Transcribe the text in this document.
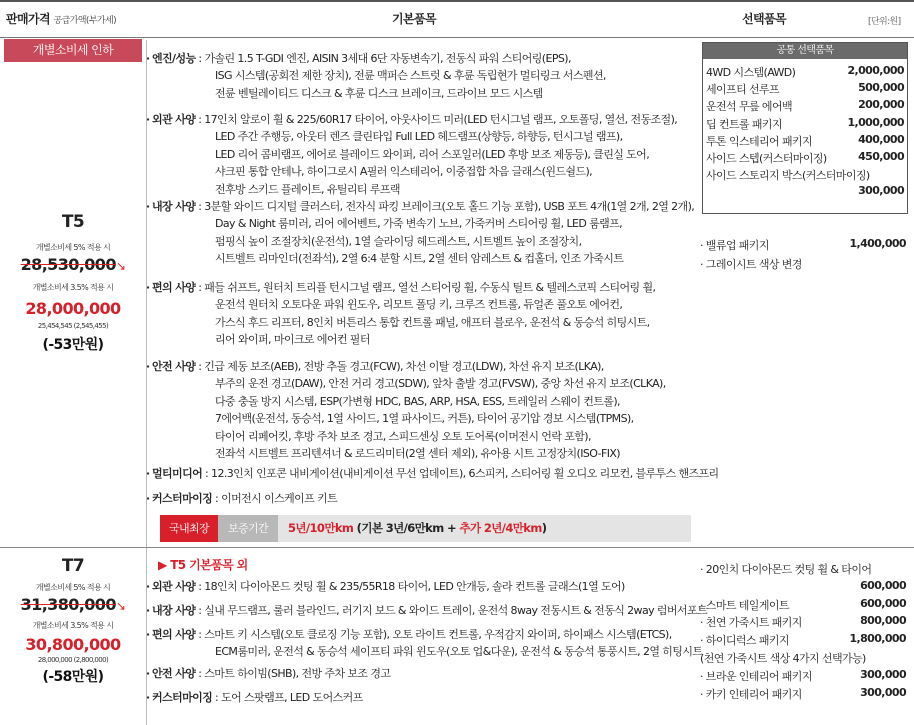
판매가격 공급가액(부가세)	기본품목	선택품목	[단위:원]
개별소비세 인하
T5
개별소비세 5% 적용 시
28,530,000↘
개별소비세 3.5% 적용 시
28,000,000
25,454,545 (2,545,455)
(-53만원)
· 엔진/성능 : 가솔린 1.5 T-GDI 엔진, AISIN 3세대 6단 자동변속기, 전동식 파워 스티어링(EPS),
ISG 시스템(공회전 제한 장치), 전륜 맥퍼슨 스트럿 & 후륜 독립현가 멀티링크 서스펜션,
전륜 벤틸레이티드 디스크 & 후륜 디스크 브레이크, 드라이브 모드 시스템
· 외관 사양 : 17인치 알로이 휠 & 225/60R17 타이어, 아웃사이드 미러(LED 턴시그널 램프, 오토폴딩, 열선, 전동조절),
LED 주간 주행등, 아웃터 렌즈 클린타입 Full LED 헤드램프(상향등, 하향등, 턴시그널 램프),
LED 리어 콤비램프, 에어로 블레이드 와이퍼, 리어 스포일러(LED 후방 보조 제동등), 클린실 도어,
샤크핀 통합 안테나, 하이그로시 A필러 익스테리어, 이중접합 차음 글래스(윈드쉴드),
전후방 스키드 플레이트, 유틸리티 루프랙
· 내장 사양 : 3분할 와이드 디지털 클러스터, 전자식 파킹 브레이크(오토 홀드 기능 포함), USB 포트 4개(1열 2개, 2열 2개),
Day & Night 룸미러, 리어 에어벤트, 가죽 변속기 노브, 가죽커버 스티어링 휠, LED 룸램프,
펌핑식 높이 조절장치(운전석), 1열 슬라이딩 헤드레스트, 시트벨트 높이 조절장치,
시트벨트 리마인더(전좌석), 2열 6:4 분할 시트, 2열 센터 암레스트 & 컵홀더, 인조 가죽시트
· 편의 사양 : 패들 쉬프트, 원터치 트리플 턴시그널 램프, 열선 스티어링 휠, 수동식 틸트 & 텔레스코픽 스티어링 휠,
운전석 원터치 오토다운 파워 윈도우, 리모트 폴딩 키, 크루즈 컨트롤, 듀얼존 풀오토 에어컨,
가스식 후드 리프터, 8인치 버튼리스 통합 컨트롤 패널, 애프터 블로우, 운전석 & 동승석 히팅시트,
리어 와이퍼, 마이크로 에어컨 필터
· 안전 사양 : 긴급 제동 보조(AEB), 전방 추돌 경고(FCW), 차선 이탈 경고(LDW), 차선 유지 보조(LKA),
부주의 운전 경고(DAW), 안전 거리 경고(SDW), 앞차 출발 경고(FVSW), 중앙 차선 유지 보조(CLKA),
다중 충돌 방지 시스템, ESP(가변형 HDC, BAS, ARP, HSA, ESS, 트레일러 스웨이 컨트롤),
7에어백(운전석, 동승석, 1열 사이드, 1열 파사이드, 커튼), 타이어 공기압 경보 시스템(TPMS),
타이어 리페어킷, 후방 주차 보조 경고, 스피드센싱 오토 도어록(이머전시 언락 포함),
전좌석 시트벨트 프리텐셔너 & 로드리미터(2열 센터 제외), 유아용 시트 고정장치(ISO-FIX)
· 멀티미디어 : 12.3인치 인포콘 내비게이션(내비게이션 무선 업데이트), 6스피커, 스티어링 휠 오디오 리모컨, 블루투스 핸즈프리
· 커스터마이징 : 이머전시 이스케이프 키트
국내최장	보증기간	5년/10만km (기본 3년/6만km + 추가 2년/4만km)
공통 선택품목
4WD 시스템(AWD)	2,000,000
세이프티 선루프	500,000
운전석 무릎 에어백	200,000
딥 컨트롤 패키지	1,000,000
투톤 익스테리어 패키지	400,000
사이드 스텝(커스터마이징)	450,000
사이드 스토리지 박스(커스터마이징)
300,000
· 밸류업 패키지	1,400,000
· 그레이시트 색상 변경
T7
개별소비세 5% 적용 시
31,380,000↘
개별소비세 3.5% 적용 시
30,800,000
28,000,000 (2,800,000)
(-58만원)
▶ T5 기본품목 외
· 외관 사양 : 18인치 다이아몬드 컷팅 휠 & 235/55R18 타이어, LED 안개등, 솔라 컨트롤 글래스(1열 도어)
· 내장 사양 : 실내 무드램프, 룰러 블라인드, 러기지 보드 & 와이드 트레이, 운전석 8way 전동시트 & 전동식 2way 럼버서포트
· 편의 사양 : 스마트 키 시스템(오토 클로징 기능 포함), 오토 라이트 컨트롤, 우적감지 와이퍼, 하이패스 시스템(ETCS),
ECM룸미러, 운전석 & 동승석 세이프티 파워 윈도우(오토 업&다운), 운전석 & 동승석 통풍시트, 2열 히팅시트
· 안전 사양 : 스마트 하이빔(SHB), 전방 주차 보조 경고
· 커스터마이징 : 도어 스팟램프, LED 도어스커프
· 20인치 다이아몬드 컷팅 휠 & 타이어
600,000
· 스마트 테일게이트	600,000
· 천연 가죽시트 패키지	800,000
· 하이디럭스 패키지	1,800,000
(천연 가죽시트 색상 4가지 선택가능)
· 브라운 인테리어 패키지	300,000
· 카키 인테리어 패키지	300,000
